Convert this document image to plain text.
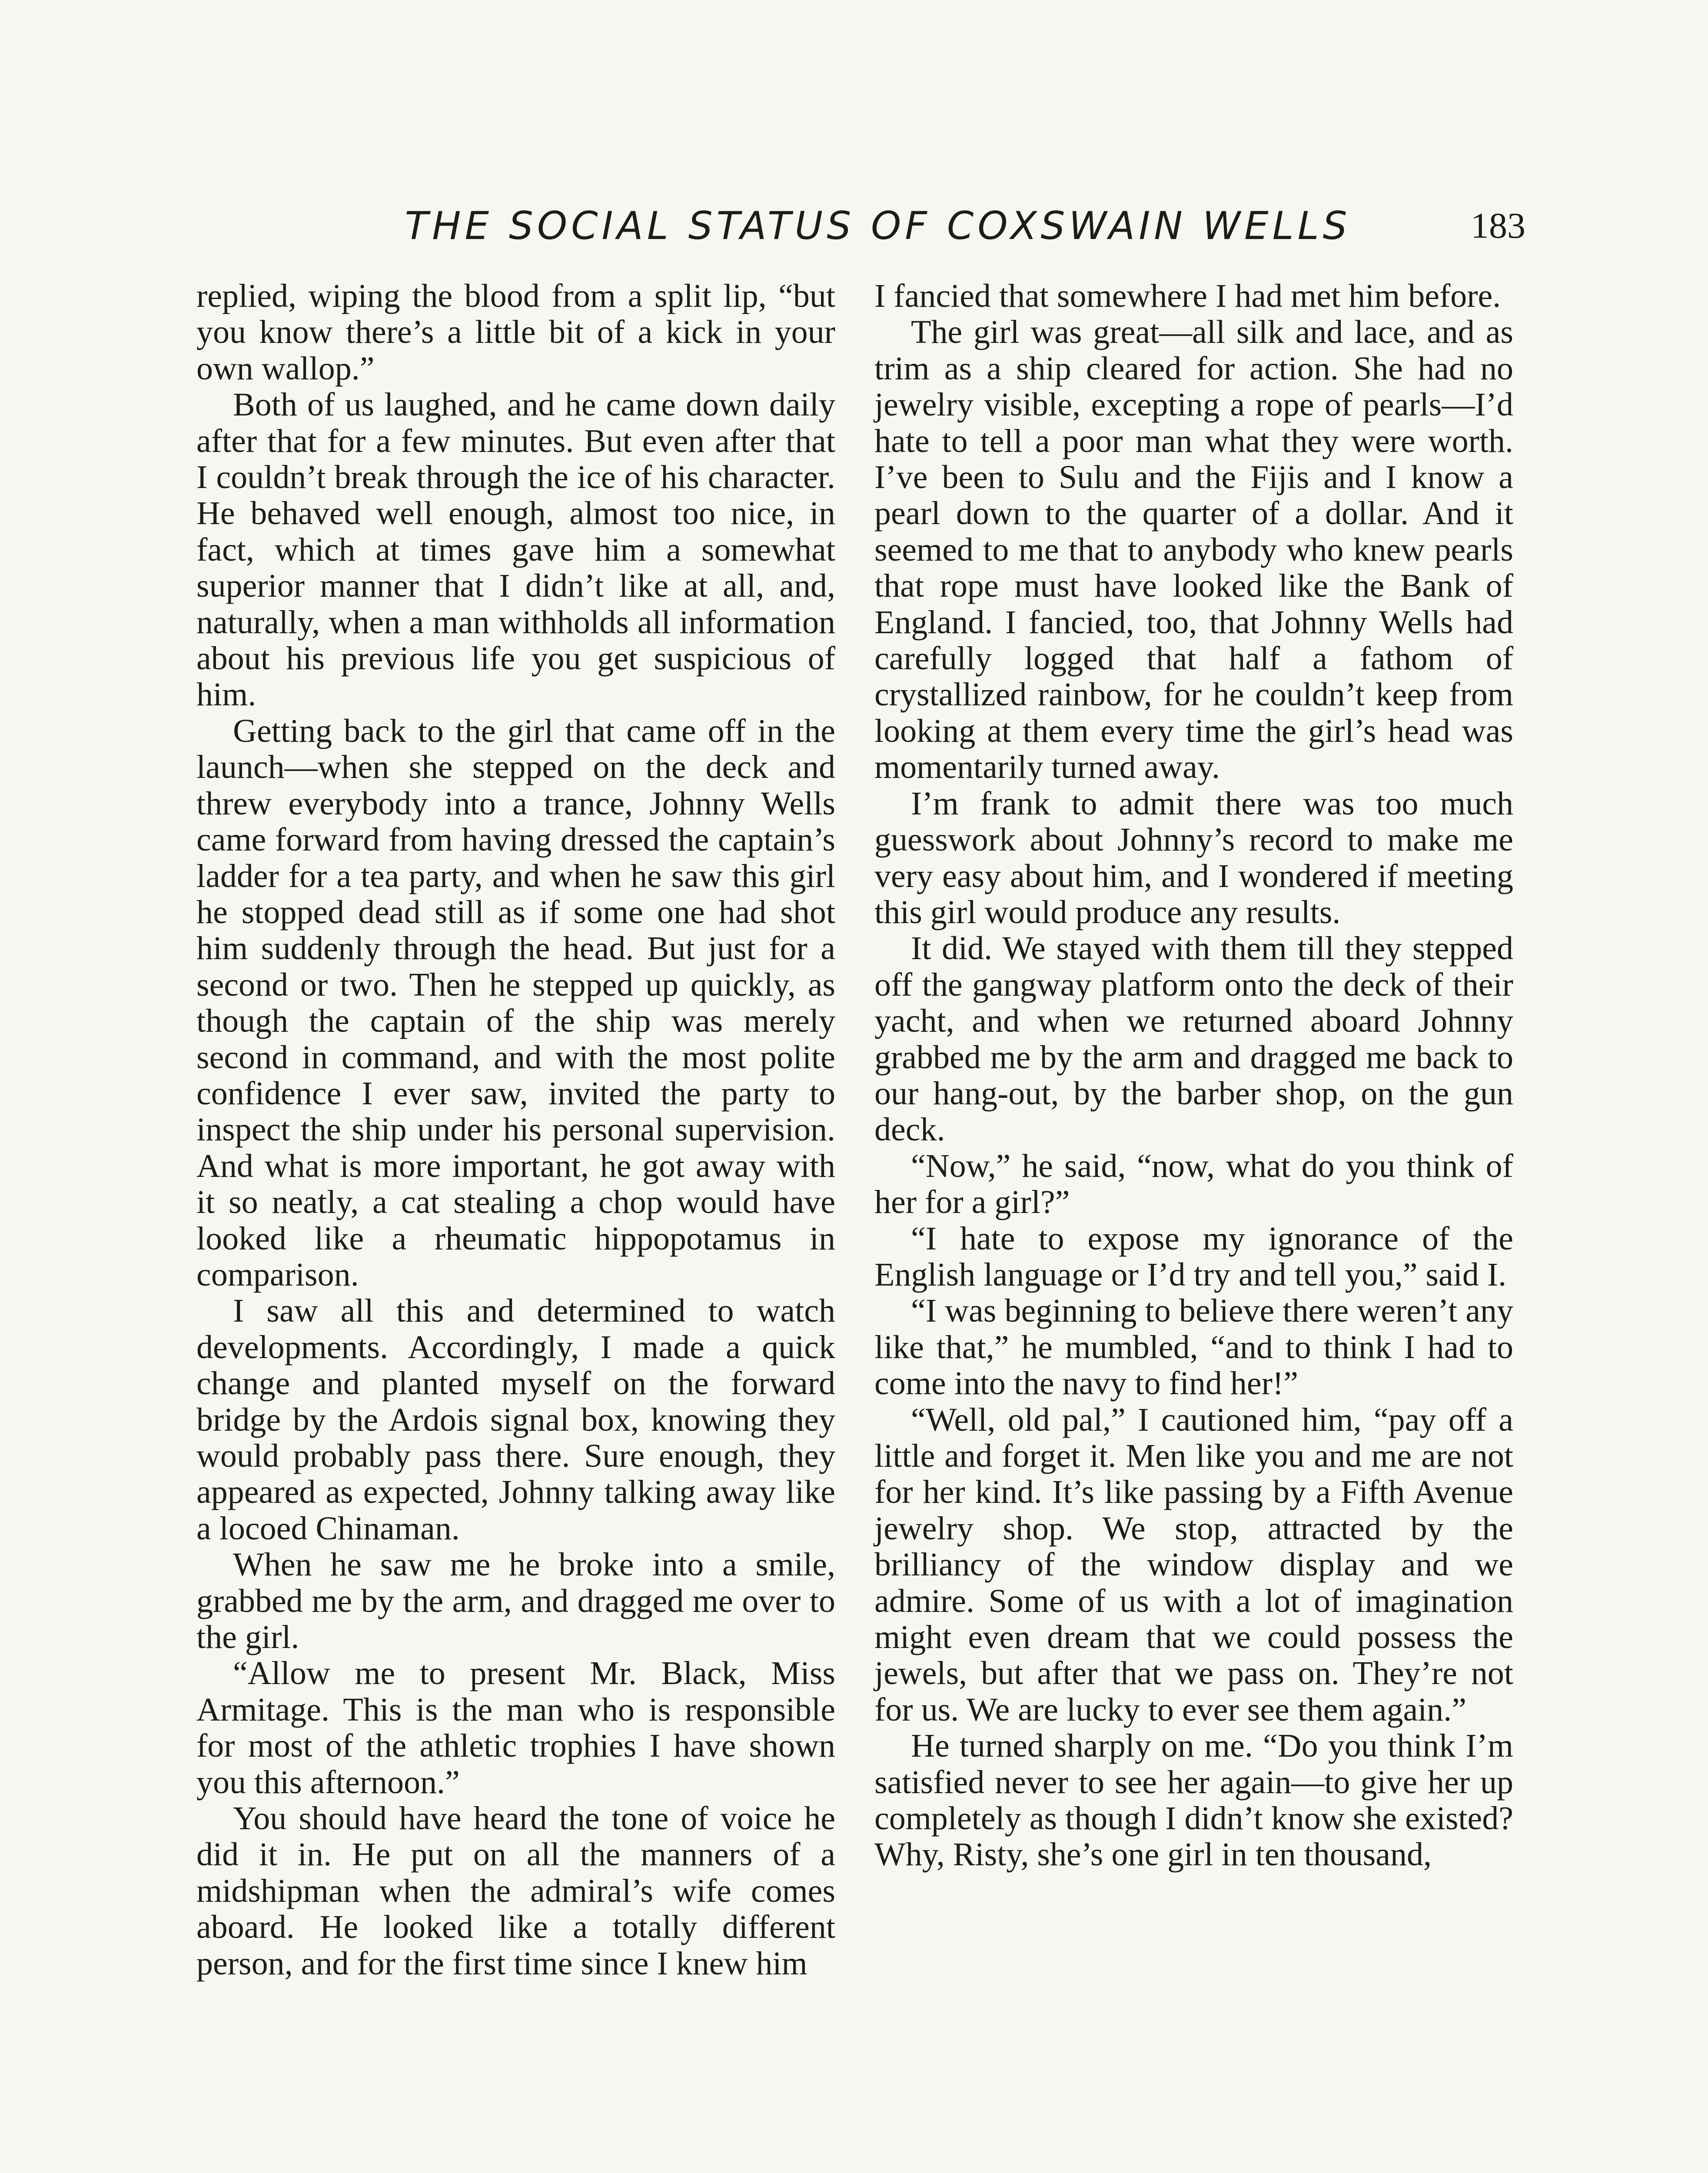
THE SOCIAL STATUS OF COXSWAIN WELLS	183

replied, wiping the blood from a split lip, “but you know there’s a little bit of a kick in your own wallop.”

Both of us laughed, and he came down daily after that for a few minutes. But even after that I couldn’t break through the ice of his character. He behaved well enough, almost too nice, in fact, which at times gave him a somewhat superior manner that I didn’t like at all, and, naturally, when a man withholds all information about his previous life you get suspicious of him.

Getting back to the girl that came off in the launch—when she stepped on the deck and threw everybody into a trance, Johnny Wells came forward from having dressed the captain’s ladder for a tea party, and when he saw this girl he stopped dead still as if some one had shot him suddenly through the head. But just for a second or two. Then he stepped up quickly, as though the captain of the ship was merely second in command, and with the most polite confidence I ever saw, invited the party to inspect the ship under his personal supervision. And what is more important, he got away with it so neatly, a cat stealing a chop would have looked like a rheumatic hippopotamus in comparison.

I saw all this and determined to watch developments. Accordingly, I made a quick change and planted myself on the forward bridge by the Ardois signal box, knowing they would probably pass there. Sure enough, they appeared as expected, Johnny talking away like a locoed Chinaman.

When he saw me he broke into a smile, grabbed me by the arm, and dragged me over to the girl.

“Allow me to present Mr. Black, Miss Armitage. This is the man who is responsible for most of the athletic trophies I have shown you this afternoon.”

You should have heard the tone of voice he did it in. He put on all the manners of a midshipman when the admiral’s wife comes aboard. He looked like a totally different person, and for the first time since I knew him

I fancied that somewhere I had met him before.

The girl was great—all silk and lace, and as trim as a ship cleared for action. She had no jewelry visible, excepting a rope of pearls—I’d hate to tell a poor man what they were worth. I’ve been to Sulu and the Fijis and I know a pearl down to the quarter of a dollar. And it seemed to me that to anybody who knew pearls that rope must have looked like the Bank of England. I fancied, too, that Johnny Wells had carefully logged that half a fathom of crystallized rainbow, for he couldn’t keep from looking at them every time the girl’s head was momentarily turned away.

I’m frank to admit there was too much guesswork about Johnny’s record to make me very easy about him, and I wondered if meeting this girl would produce any results.

It did. We stayed with them till they stepped off the gangway platform onto the deck of their yacht, and when we returned aboard Johnny grabbed me by the arm and dragged me back to our hang-out, by the barber shop, on the gun deck.

“Now,” he said, “now, what do you think of her for a girl?”

“I hate to expose my ignorance of the English language or I’d try and tell you,” said I.

“I was beginning to believe there weren’t any like that,” he mumbled, “and to think I had to come into the navy to find her!”

“Well, old pal,” I cautioned him, “pay off a little and forget it. Men like you and me are not for her kind. It’s like passing by a Fifth Avenue jewelry shop. We stop, attracted by the brilliancy of the window display and we admire. Some of us with a lot of imagination might even dream that we could possess the jewels, but after that we pass on. They’re not for us. We are lucky to ever see them again.”

He turned sharply on me. “Do you think I’m satisfied never to see her again—to give her up completely as though I didn’t know she existed? Why, Risty, she’s one girl in ten thousand,
